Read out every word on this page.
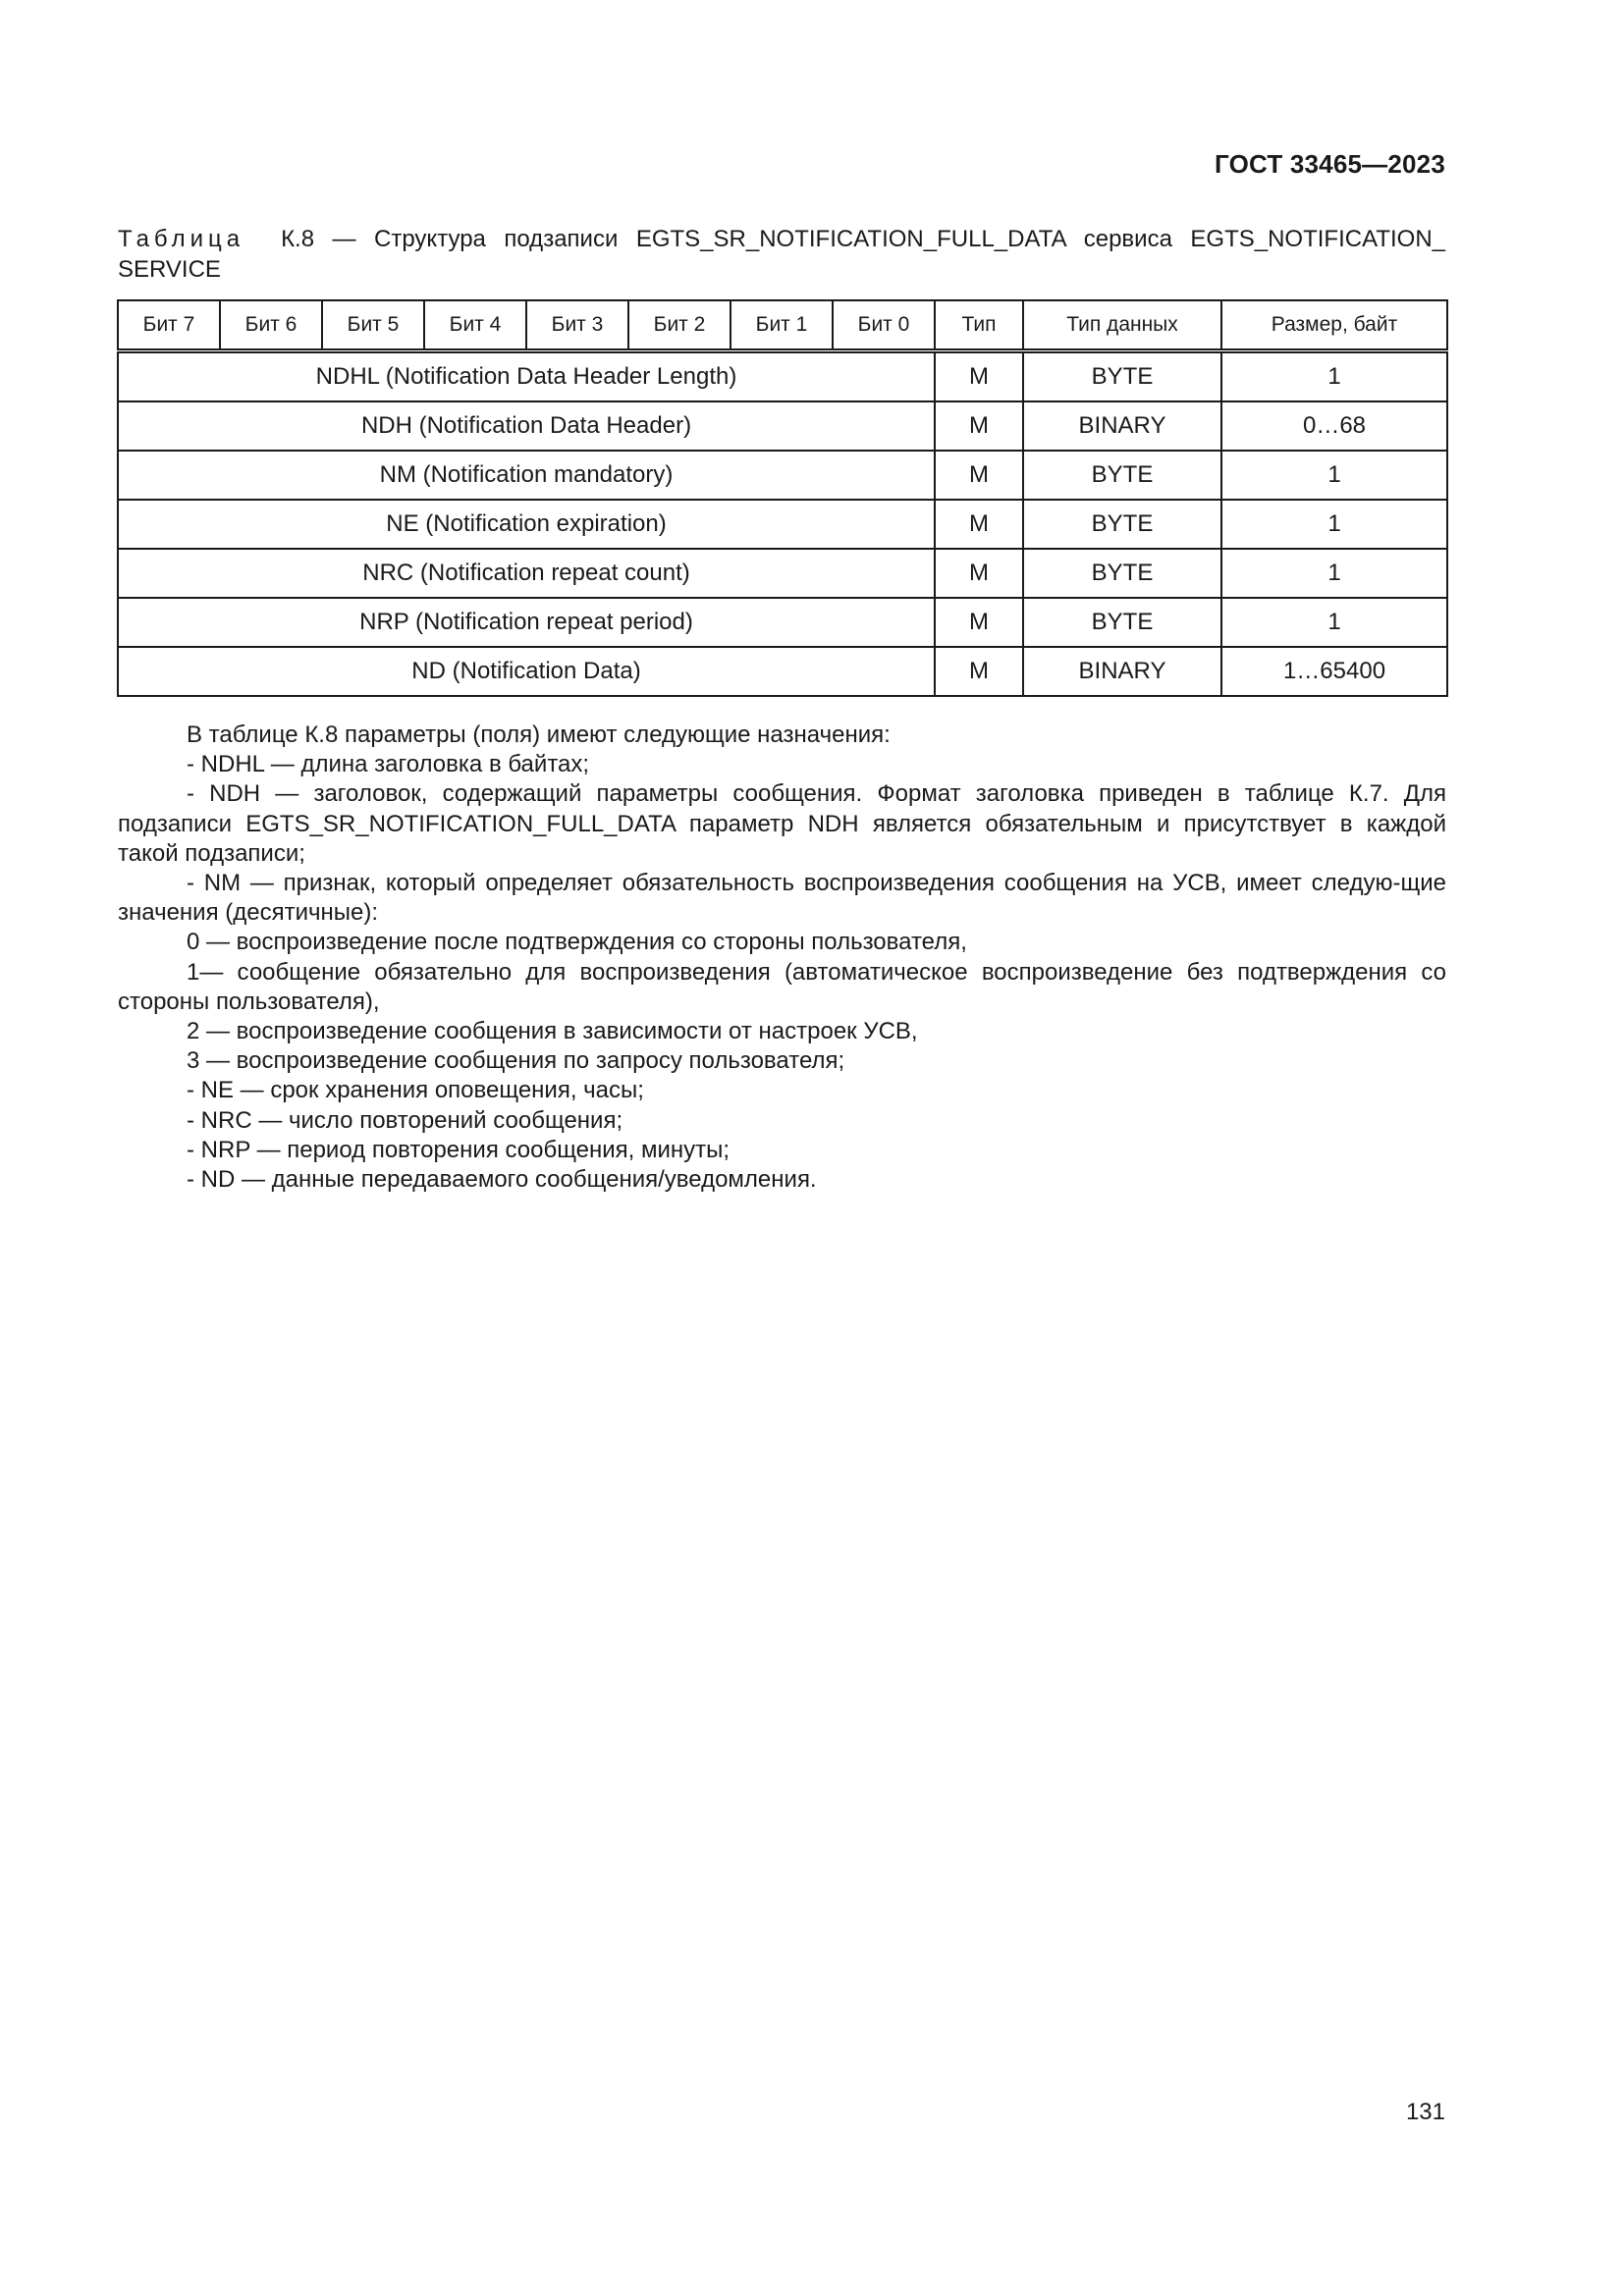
ГОСТ 33465—2023
Таблица К.8 — Структура подзаписи EGTS_SR_NOTIFICATION_FULL_DATA сервиса EGTS_NOTIFICATION_ SERVICE
Бит 7	Бит 6	Бит 5	Бит 4	Бит 3	Бит 2	Бит 1	Бит 0	Тип	Тип данных	Размер, байт
NDHL (Notification Data Header Length)								M	BYTE	1
NDH (Notification Data Header)								M	BINARY	0…68
NM (Notification mandatory)								M	BYTE	1
NE (Notification expiration)								M	BYTE	1
NRC (Notification repeat count)								M	BYTE	1
NRP (Notification repeat period)								M	BYTE	1
ND (Notification Data)								M	BINARY	1…65400

В таблице К.8 параметры (поля) имеют следующие назначения:

- NDHL — длина заголовка в байтах;

- NDH — заголовок, содержащий параметры сообщения. Формат заголовка приведен в таблице К.7. Для подзаписи EGTS_SR_NOTIFICATION_FULL_DATA параметр NDH является обязательным и присутствует в каждой такой подзаписи;

- NM — признак, который определяет обязательность воспроизведения сообщения на УСВ, имеет следую-щие значения (десятичные):

0 — воспроизведение после подтверждения со стороны пользователя,

1— сообщение обязательно для воспроизведения (автоматическое воспроизведение без подтверждения со стороны пользователя),

2 — воспроизведение сообщения в зависимости от настроек УСВ,

3 — воспроизведение сообщения по запросу пользователя;

- NE — срок хранения оповещения, часы;

- NRC — число повторений сообщения;

- NRP — период повторения сообщения, минуты;

- ND — данные передаваемого сообщения/уведомления.

131
